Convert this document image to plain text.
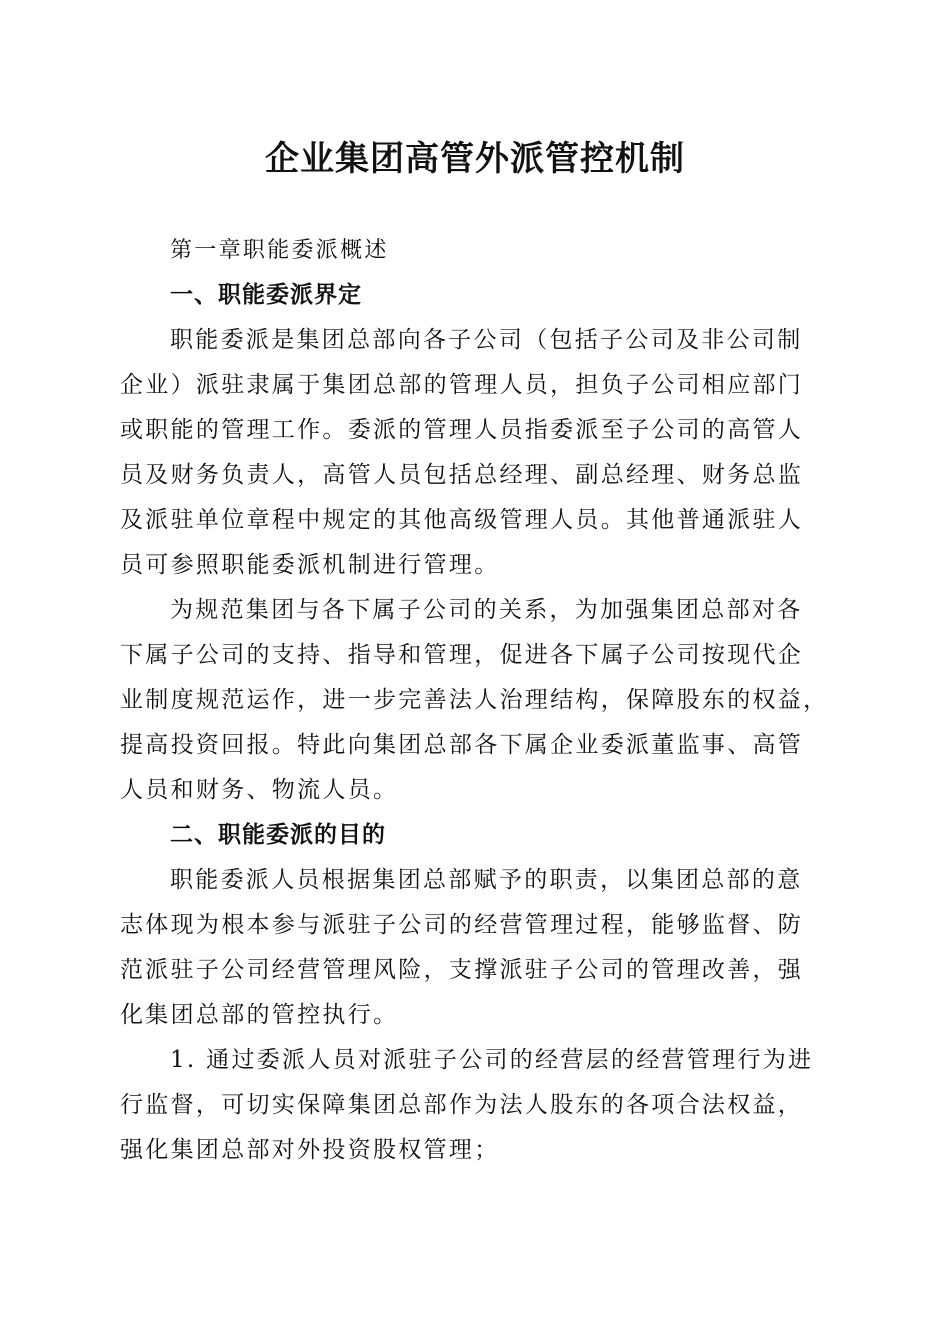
企业集团高管外派管控机制
第一章职能委派概述
一、职能委派界定
职能委派是集团总部向各子公司（包括子公司及非公司制
企业）派驻隶属于集团总部的管理人员，担负子公司相应部门
或职能的管理工作。委派的管理人员指委派至子公司的高管人
员及财务负责人，高管人员包括总经理、副总经理、财务总监
及派驻单位章程中规定的其他高级管理人员。其他普通派驻人
员可参照职能委派机制进行管理。
为规范集团与各下属子公司的关系，为加强集团总部对各
下属子公司的支持、指导和管理，促进各下属子公司按现代企
业制度规范运作，进一步完善法人治理结构，保障股东的权益，
提高投资回报。特此向集团总部各下属企业委派董监事、高管
人员和财务、物流人员。
二、职能委派的目的
职能委派人员根据集团总部赋予的职责，以集团总部的意
志体现为根本参与派驻子公司的经营管理过程，能够监督、防
范派驻子公司经营管理风险，支撑派驻子公司的管理改善，强
化集团总部的管控执行。
1. 通过委派人员对派驻子公司的经营层的经营管理行为进
行监督，可切实保障集团总部作为法人股东的各项合法权益，
强化集团总部对外投资股权管理；
